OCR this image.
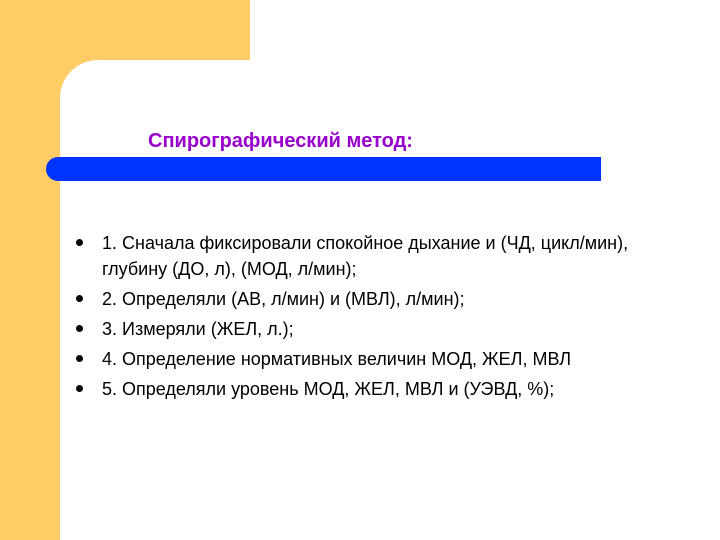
Спирографический метод:
1. Сначала фиксировали спокойное дыхание и (ЧД, цикл/мин), глубину (ДО, л), (МОД, л/мин);
2. Определяли (АВ, л/мин) и (МВЛ), л/мин);
3. Измеряли (ЖЕЛ, л.);
4. Определение нормативных величин МОД, ЖЕЛ, МВЛ
5. Определяли уровень МОД, ЖЕЛ, МВЛ и (УЭВД, %);
